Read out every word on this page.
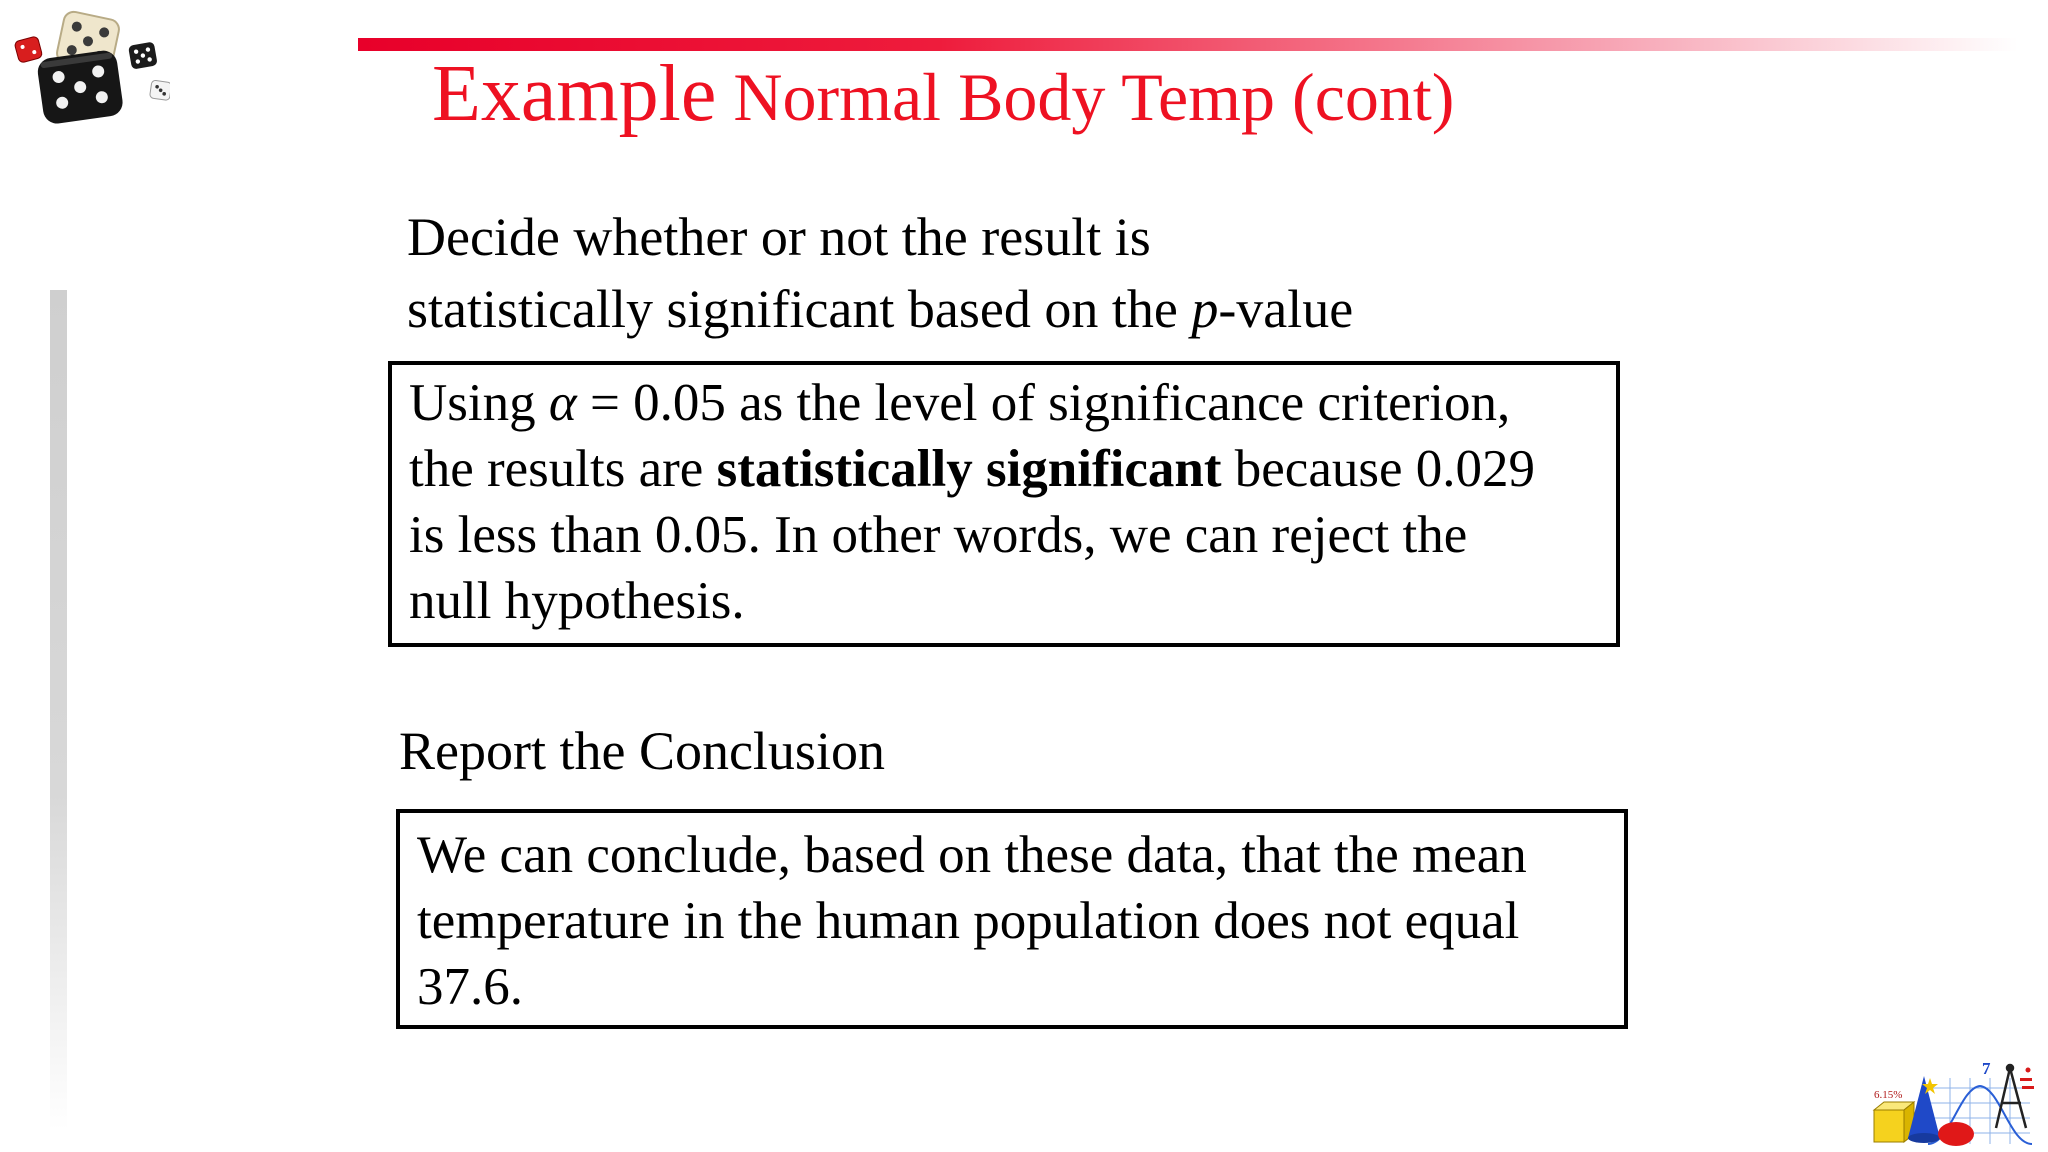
Example Normal Body Temp (cont)
Decide whether or not the result is
statistically significant based on the p-value

Using α = 0.05 as the level of significance criterion,

the results are statistically significant because 0.029

is less than 0.05. In other words, we can reject the

null hypothesis.

Report the Conclusion

We can conclude, based on these data, that the mean

temperature in the human population does not equal

37.6.

7
6.15%
